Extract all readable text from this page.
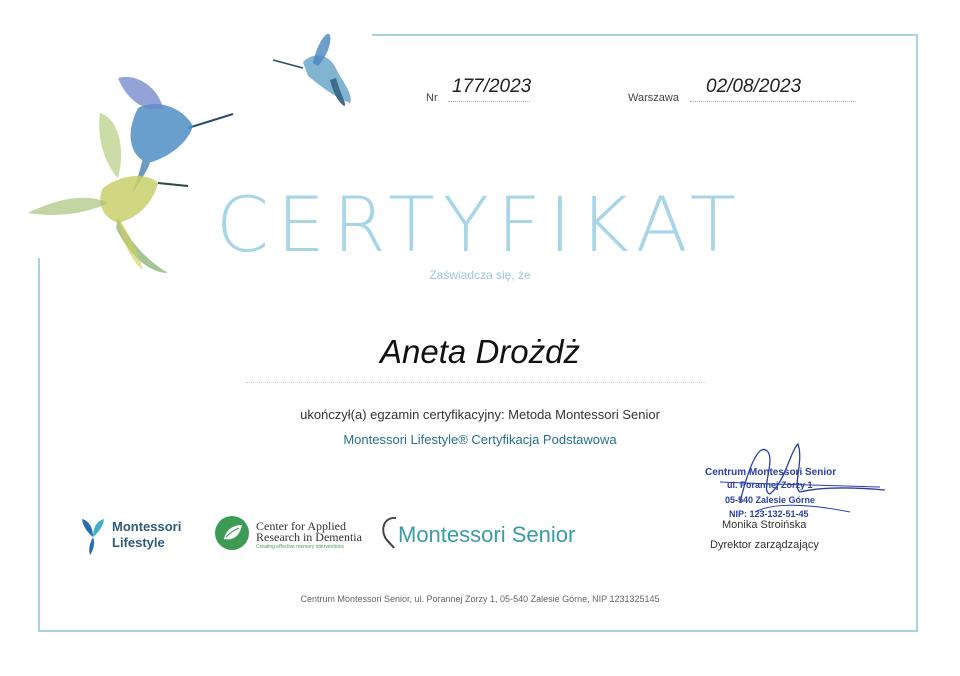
Nr
177/2023
Warszawa
02/08/2023
CERTYFIKAT
Zaświadcza się, że
Aneta Drożdż
ukończył(a) egzamin certyfikacyjny: Metoda Montessori Senior
Montessori Lifestyle® Certyfikacja Podstawowa
Montessori
Lifestyle
Center for Applied
Research in Dementia
Creating effective memory interventions Montessori Senior
Centrum Montessori Senior
ul. Porannej Zorzy 1
05-540 Zalesie Górne
NIP: 123-132-51-45
Monika Stroińska
Dyrektor zarządzający
Centrum Montessori Senior, ul. Porannej Zorzy 1, 05-540 Zalesie Górne, NIP 1231325145
